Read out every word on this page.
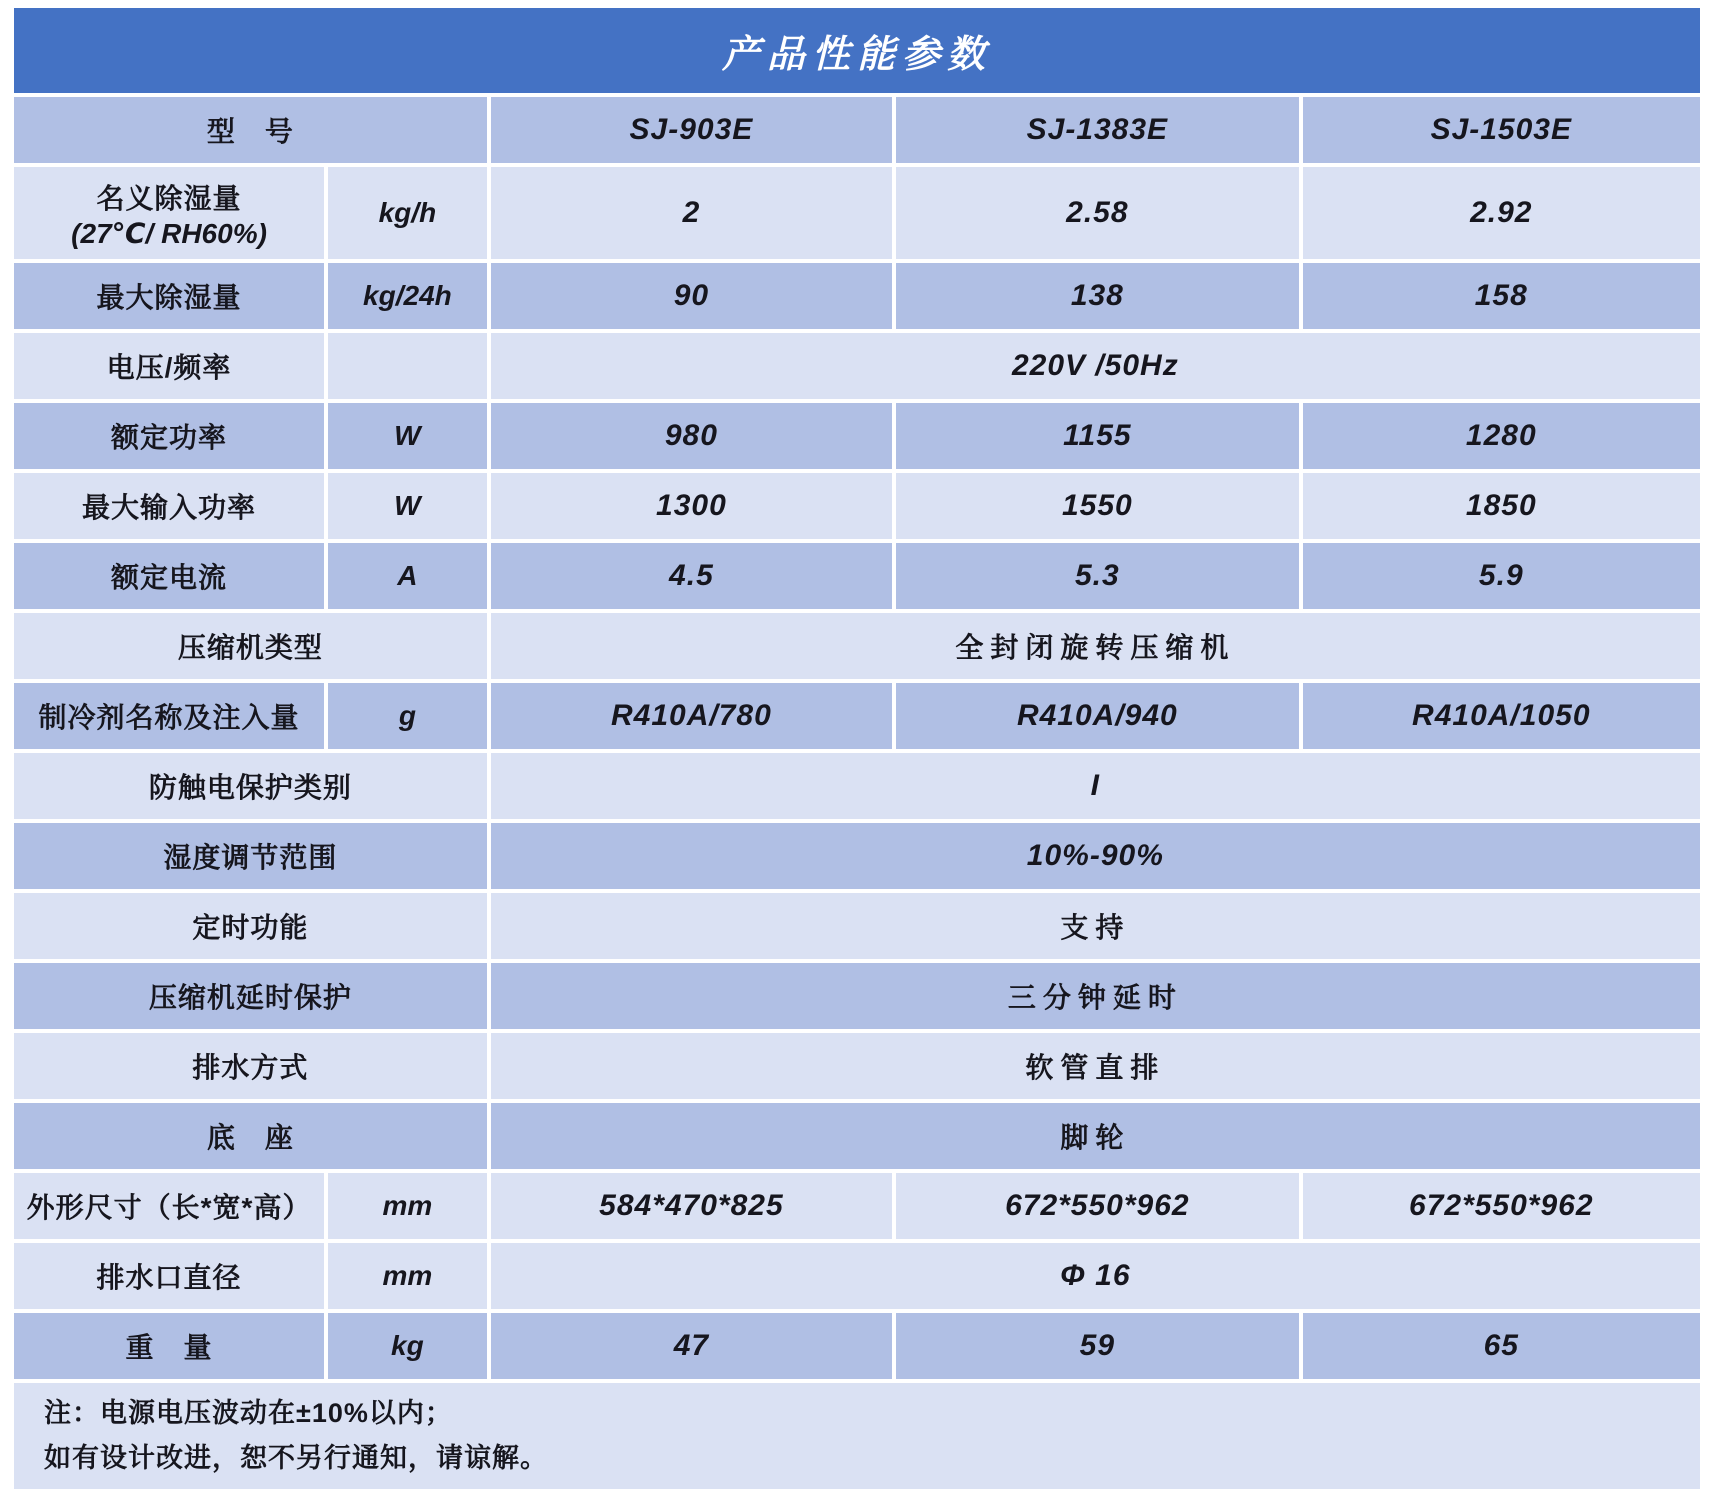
产品性能参数
型　号		SJ-903E	SJ-1383E	SJ-1503E

名义除湿量
(27℃/ RH60%)	kg/h	2	2.58	2.92
最大除湿量	kg/24h	90	138	158
电压/频率		220V /50Hz		
额定功率	W	980	1155	1280
最大输入功率	W	1300	1550	1850
额定电流	A	4.5	5.3	5.9
压缩机类型		全封闭旋转压缩机		
制冷剂名称及注入量	g	R410A/780	R410A/940	R410A/1050
防触电保护类别		I		
湿度调节范围		10%-90%		
定时功能		支持		
压缩机延时保护		三分钟延时		
排水方式		软管直排		
底　座		脚轮		
外形尺寸（长*宽*高）	mm	584*470*825	672*550*962	672*550*962
排水口直径	mm	Φ 16		
重　量	kg	47	59	65

注：电源电压波动在±10%以内；
如有设计改进，恕不另行通知，请谅解。				
